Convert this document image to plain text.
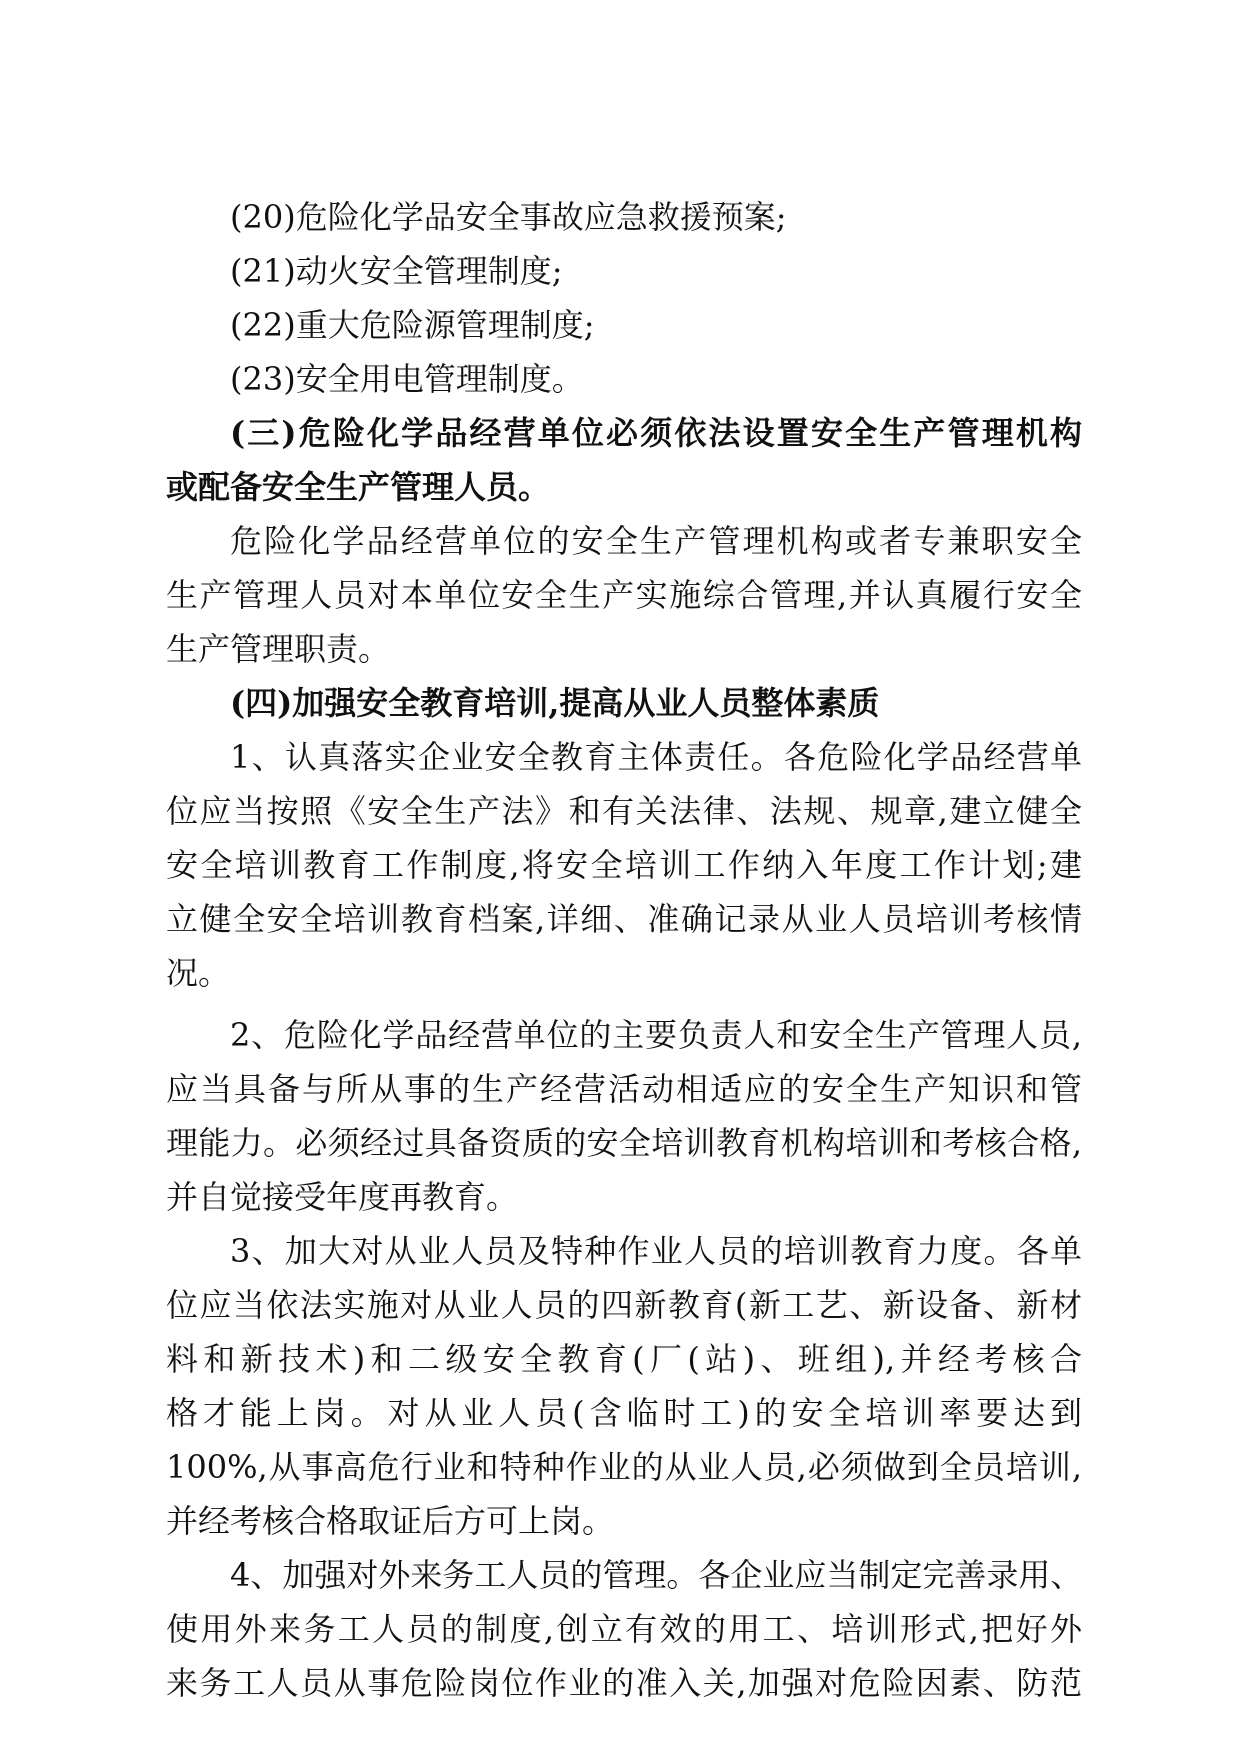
(20)危险化学品安全事故应急救援预案;
(21)动火安全管理制度;
(22)重大危险源管理制度;
(23)安全用电管理制度。
(三)危险化学品经营单位必须依法设置安全生产管理机构
或配备安全生产管理人员。
危险化学品经营单位的安全生产管理机构或者专兼职安全
生产管理人员对本单位安全生产实施综合管理,并认真履行安全
生产管理职责。
(四)加强安全教育培训,提高从业人员整体素质
1、认真落实企业安全教育主体责任。各危险化学品经营单
位应当按照《安全生产法》和有关法律、法规、规章,建立健全
安全培训教育工作制度,将安全培训工作纳入年度工作计划;建
立健全安全培训教育档案,详细、准确记录从业人员培训考核情
况。
2、危险化学品经营单位的主要负责人和安全生产管理人员,
应当具备与所从事的生产经营活动相适应的安全生产知识和管
理能力。必须经过具备资质的安全培训教育机构培训和考核合格,
并自觉接受年度再教育。
3、加大对从业人员及特种作业人员的培训教育力度。各单
位应当依法实施对从业人员的四新教育(新工艺、新设备、新材
料和新技术)和二级安全教育(厂(站)、班组),并经考核合
格才能上岗。对从业人员(含临时工)的安全培训率要达到
100%,从事高危行业和特种作业的从业人员,必须做到全员培训,
并经考核合格取证后方可上岗。
4、加强对外来务工人员的管理。各企业应当制定完善录用、
使用外来务工人员的制度,创立有效的用工、培训形式,把好外
来务工人员从事危险岗位作业的准入关,加强对危险因素、防范
